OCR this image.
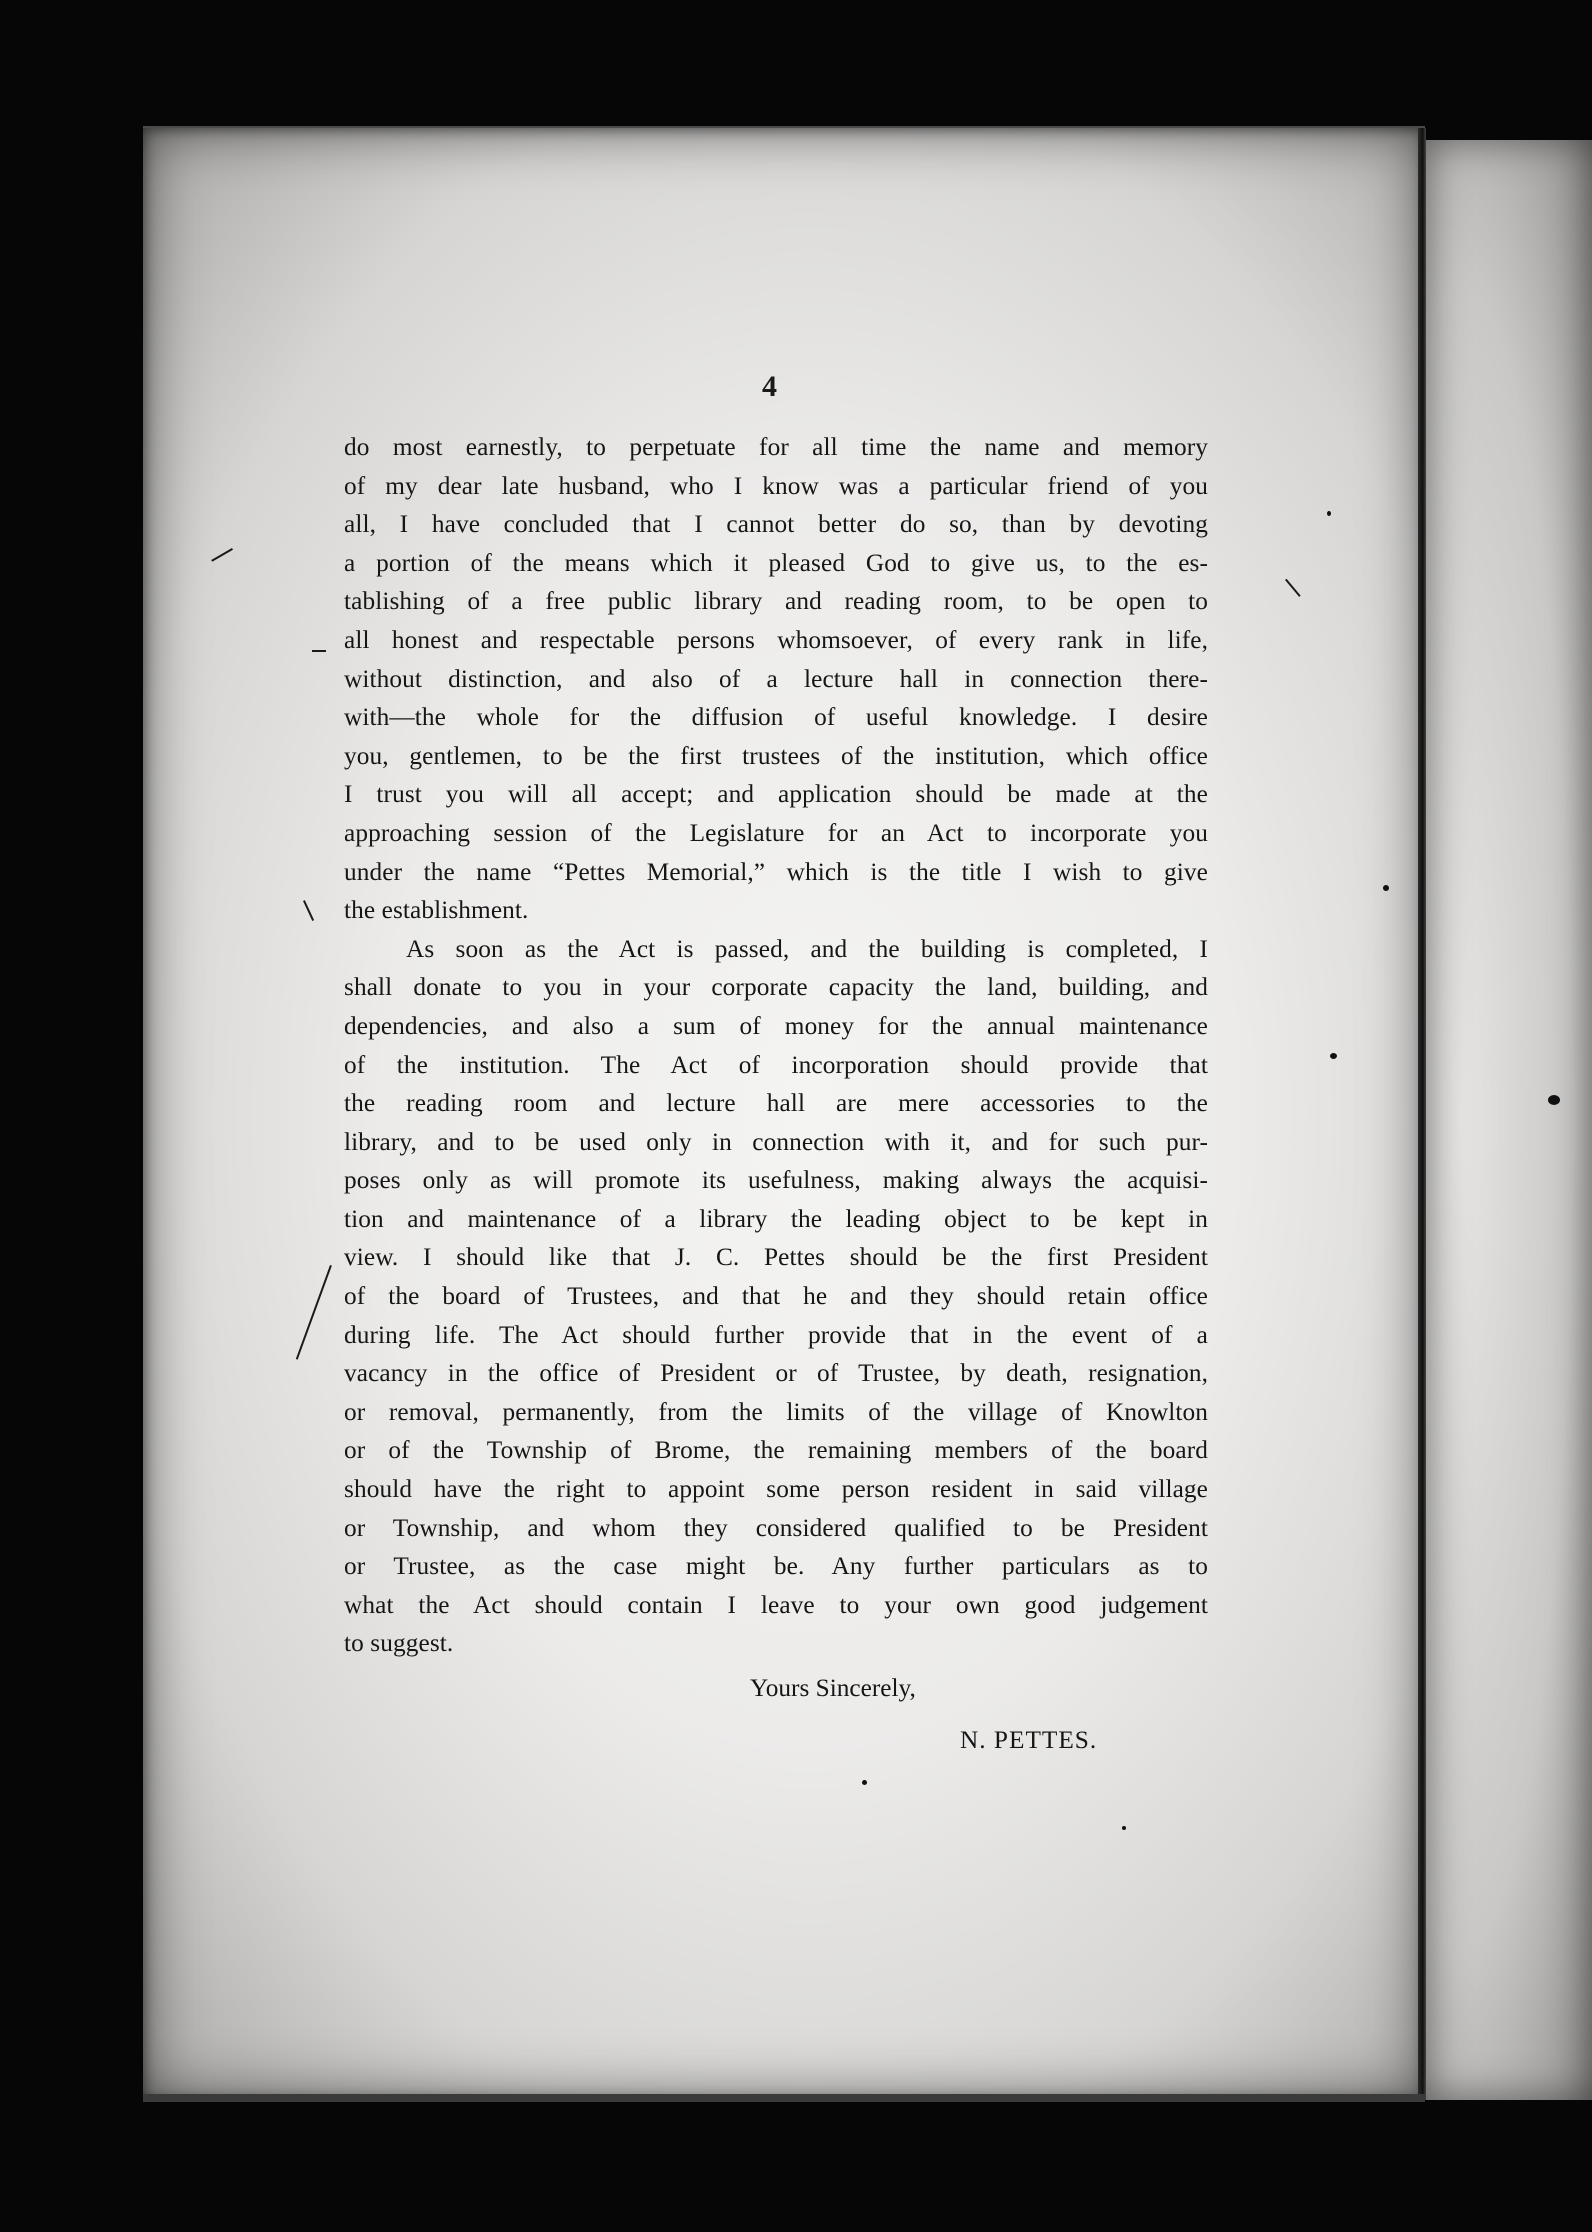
4
do most earnestly, to perpetuate for all time the name and memory
of my dear late husband, who I know was a particular friend of you
all, I have concluded that I cannot better do so, than by devoting
a portion of the means which it pleased God to give us, to the es-
tablishing of a free public library and reading room, to be open to
all honest and respectable persons whomsoever, of every rank in life,
without distinction, and also of a lecture hall in connection there-
with—the whole for the diffusion of useful knowledge. I desire
you, gentlemen, to be the first trustees of the institution, which office
I trust you will all accept; and application should be made at the
approaching session of the Legislature for an Act to incorporate you
under the name “Pettes Memorial,” which is the title I wish to give
the establishment.
As soon as the Act is passed, and the building is completed, I
shall donate to you in your corporate capacity the land, building, and
dependencies, and also a sum of money for the annual maintenance
of the institution. The Act of incorporation should provide that
the reading room and lecture hall are mere accessories to the
library, and to be used only in connection with it, and for such pur-
poses only as will promote its usefulness, making always the acquisi-
tion and maintenance of a library the leading object to be kept in
view. I should like that J. C. Pettes should be the first President
of the board of Trustees, and that he and they should retain office
during life. The Act should further provide that in the event of a
vacancy in the office of President or of Trustee, by death, resignation,
or removal, permanently, from the limits of the village of Knowlton
or of the Township of Brome, the remaining members of the board
should have the right to appoint some person resident in said village
or Township, and whom they considered qualified to be President
or Trustee, as the case might be. Any further particulars as to
what the Act should contain I leave to your own good judgement
to suggest.
Yours Sincerely,
N. PETTES.
